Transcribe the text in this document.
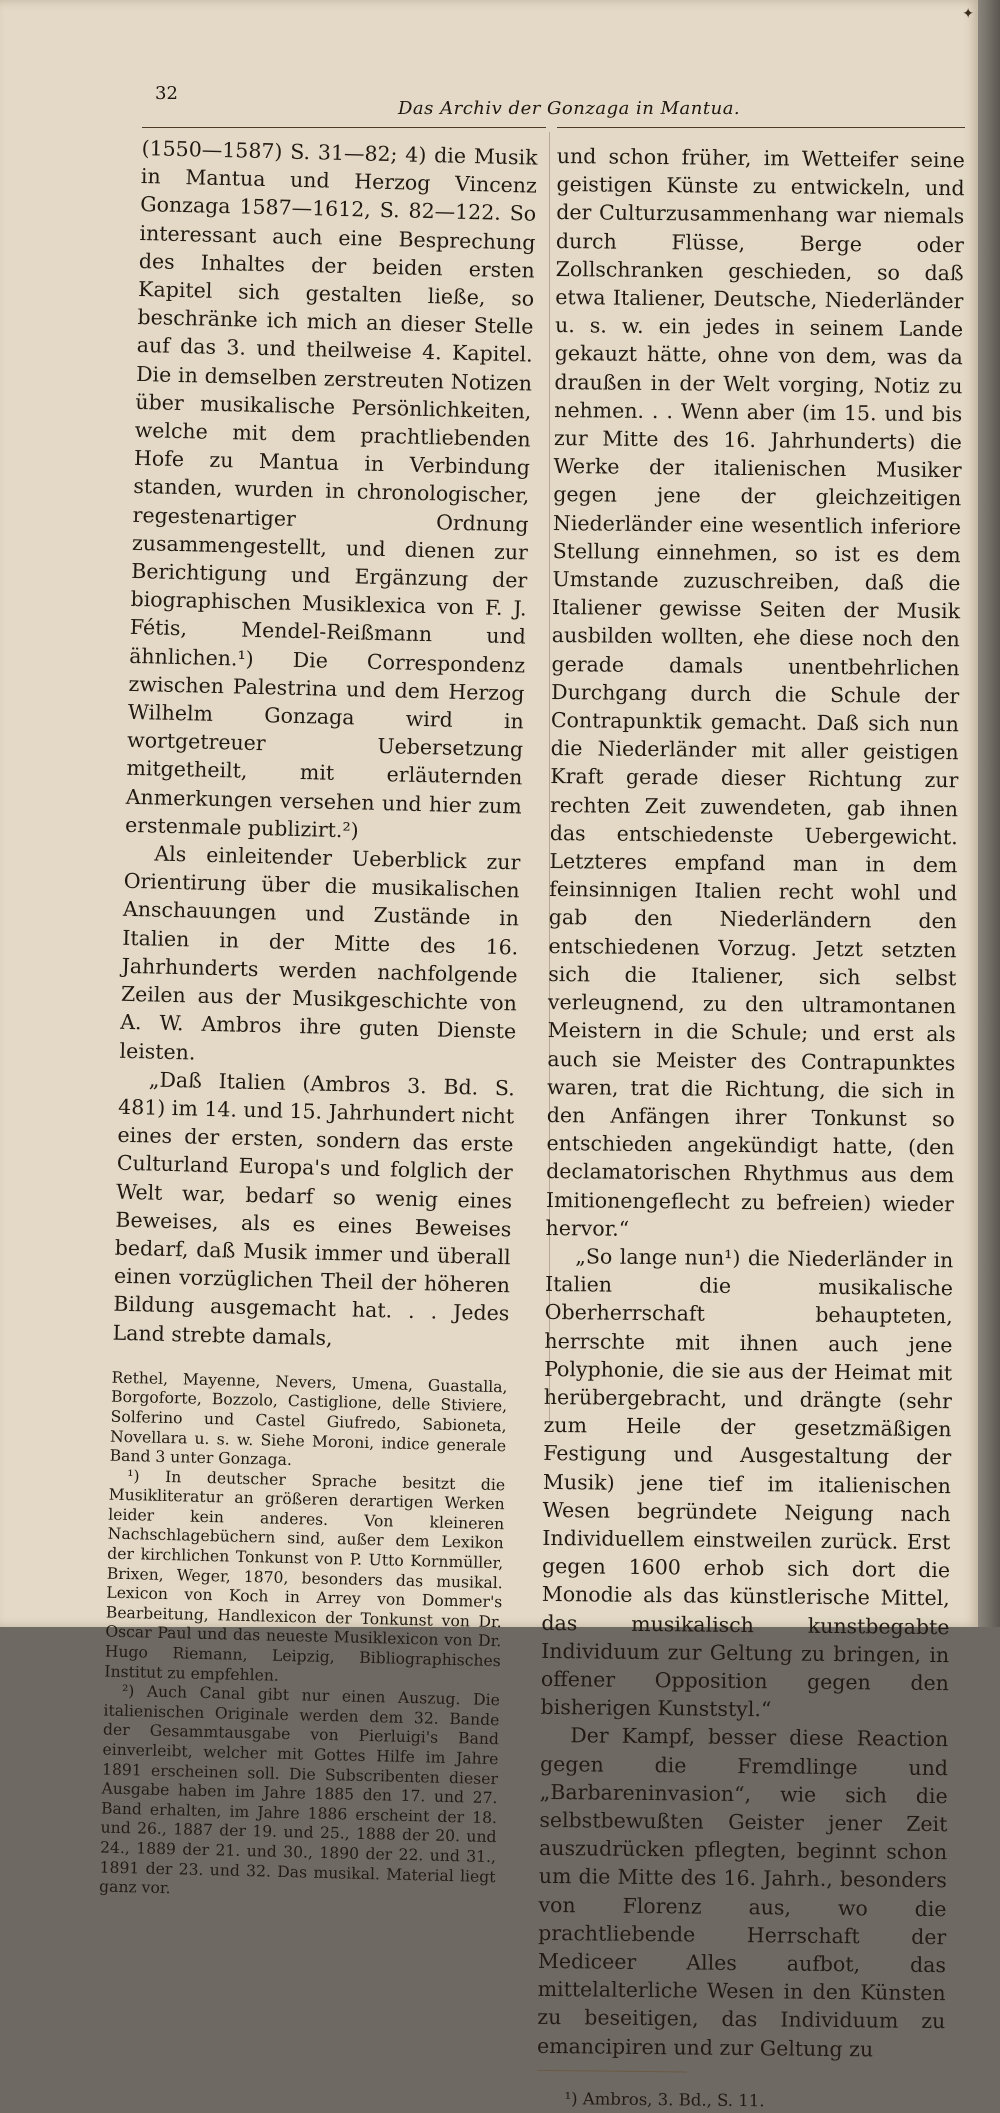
✦
32
Das Archiv der Gonzaga in Mantua.

(1550—1587) S. 31—82; 4) die Musik in Mantua und Herzog Vincenz Gonzaga 1587—1612, S. 82—122. So interessant auch eine Besprechung des Inhaltes der beiden ersten Kapitel sich gestalten ließe, so beschränke ich mich an dieser Stelle auf das 3. und theilweise 4. Kapitel. Die in demselben zerstreuten Notizen über musikalische Persönlichkeiten, welche mit dem prachtliebenden Hofe zu Mantua in Verbindung standen, wurden in chronologischer, regestenartiger Ordnung zusammengestellt, und dienen zur Berichtigung und Ergänzung der biographischen Musiklexica von F. J. Fétis, Mendel-Reißmann und ähnlichen.¹) Die Correspondenz zwischen Palestrina und dem Herzog Wilhelm Gonzaga wird in wortgetreuer Uebersetzung mitgetheilt, mit erläuternden Anmerkungen versehen und hier zum erstenmale publizirt.²)

Als einleitender Ueberblick zur Orientirung über die musikalischen Anschauungen und Zustände in Italien in der Mitte des 16. Jahrhunderts werden nachfolgende Zeilen aus der Musikgeschichte von A. W. Ambros ihre guten Dienste leisten.

„Daß Italien (Ambros 3. Bd. S. 481) im 14. und 15. Jahrhundert nicht eines der ersten, sondern das erste Culturland Europa's und folglich der Welt war, bedarf so wenig eines Beweises, als es eines Beweises bedarf, daß Musik immer und überall einen vorzüglichen Theil der höheren Bildung ausgemacht hat. . . Jedes Land strebte damals,

Rethel, Mayenne, Nevers, Umena, Guastalla, Borgoforte, Bozzolo, Castiglione, delle Stiviere, Solferino und Castel Giufredo, Sabioneta, Novellara u. s. w. Siehe Moroni, indice generale Band 3 unter Gonzaga.

¹) In deutscher Sprache besitzt die Musikliteratur an größeren derartigen Werken leider kein anderes. Von kleineren Nachschlagebüchern sind, außer dem Lexikon der kirchlichen Tonkunst von P. Utto Kornmüller, Brixen, Weger, 1870, besonders das musikal. Lexicon von Koch in Arrey von Dommer's Bearbeitung, Handlexicon der Tonkunst von Dr. Oscar Paul und das neueste Musiklexicon von Dr. Hugo Riemann, Leipzig, Bibliographisches Institut zu empfehlen.

²) Auch Canal gibt nur einen Auszug. Die italienischen Originale werden dem 32. Bande der Gesammtausgabe von Pierluigi's Band einverleibt, welcher mit Gottes Hilfe im Jahre 1891 erscheinen soll. Die Subscribenten dieser Ausgabe haben im Jahre 1885 den 17. und 27. Band erhalten, im Jahre 1886 erscheint der 18. und 26., 1887 der 19. und 25., 1888 der 20. und 24., 1889 der 21. und 30., 1890 der 22. und 31., 1891 der 23. und 32. Das musikal. Material liegt ganz vor.

und schon früher, im Wetteifer seine geistigen Künste zu entwickeln, und der Culturzusammenhang war niemals durch Flüsse, Berge oder Zollschranken geschieden, so daß etwa Italiener, Deutsche, Niederländer u. s. w. ein jedes in seinem Lande gekauzt hätte, ohne von dem, was da draußen in der Welt vorging, Notiz zu nehmen. . . Wenn aber (im 15. und bis zur Mitte des 16. Jahrhunderts) die Werke der italienischen Musiker gegen jene der gleichzeitigen Niederländer eine wesentlich inferiore Stellung einnehmen, so ist es dem Umstande zuzuschreiben, daß die Italiener gewisse Seiten der Musik ausbilden wollten, ehe diese noch den gerade damals unentbehrlichen Durchgang durch die Schule der Contrapunktik gemacht. Daß sich nun die Niederländer mit aller geistigen Kraft gerade dieser Richtung zur rechten Zeit zuwendeten, gab ihnen das entschiedenste Uebergewicht. Letzteres empfand man in dem feinsinnigen Italien recht wohl und gab den Niederländern den entschiedenen Vorzug. Jetzt setzten sich die Italiener, sich selbst verleugnend, zu den ultramontanen Meistern in die Schule; und erst als auch sie Meister des Contrapunktes waren, trat die Richtung, die sich in den Anfängen ihrer Tonkunst so entschieden angekündigt hatte, (den declamatorischen Rhythmus aus dem Imitionengeflecht zu befreien) wieder hervor.“

„So lange nun¹) die Niederländer in Italien die musikalische Oberherrschaft behaupteten, herrschte mit ihnen auch jene Polyphonie, die sie aus der Heimat mit herübergebracht, und drängte (sehr zum Heile der gesetzmäßigen Festigung und Ausgestaltung der Musik) jene tief im italienischen Wesen begründete Neigung nach Individuellem einstweilen zurück. Erst gegen 1600 erhob sich dort die Monodie als das künstlerische Mittel, das musikalisch kunstbegabte Individuum zur Geltung zu bringen, in offener Opposition gegen den bisherigen Kunststyl.“

Der Kampf, besser diese Reaction gegen die Fremdlinge und „Barbareninvasion“, wie sich die selbstbewußten Geister jener Zeit auszudrücken pflegten, beginnt schon um die Mitte des 16. Jahrh., besonders von Florenz aus, wo die prachtliebende Herrschaft der Mediceer Alles aufbot, das mittelalterliche Wesen in den Künsten zu beseitigen, das Individuum zu emancipiren und zur Geltung zu

¹) Ambros, 3. Bd., S. 11.
